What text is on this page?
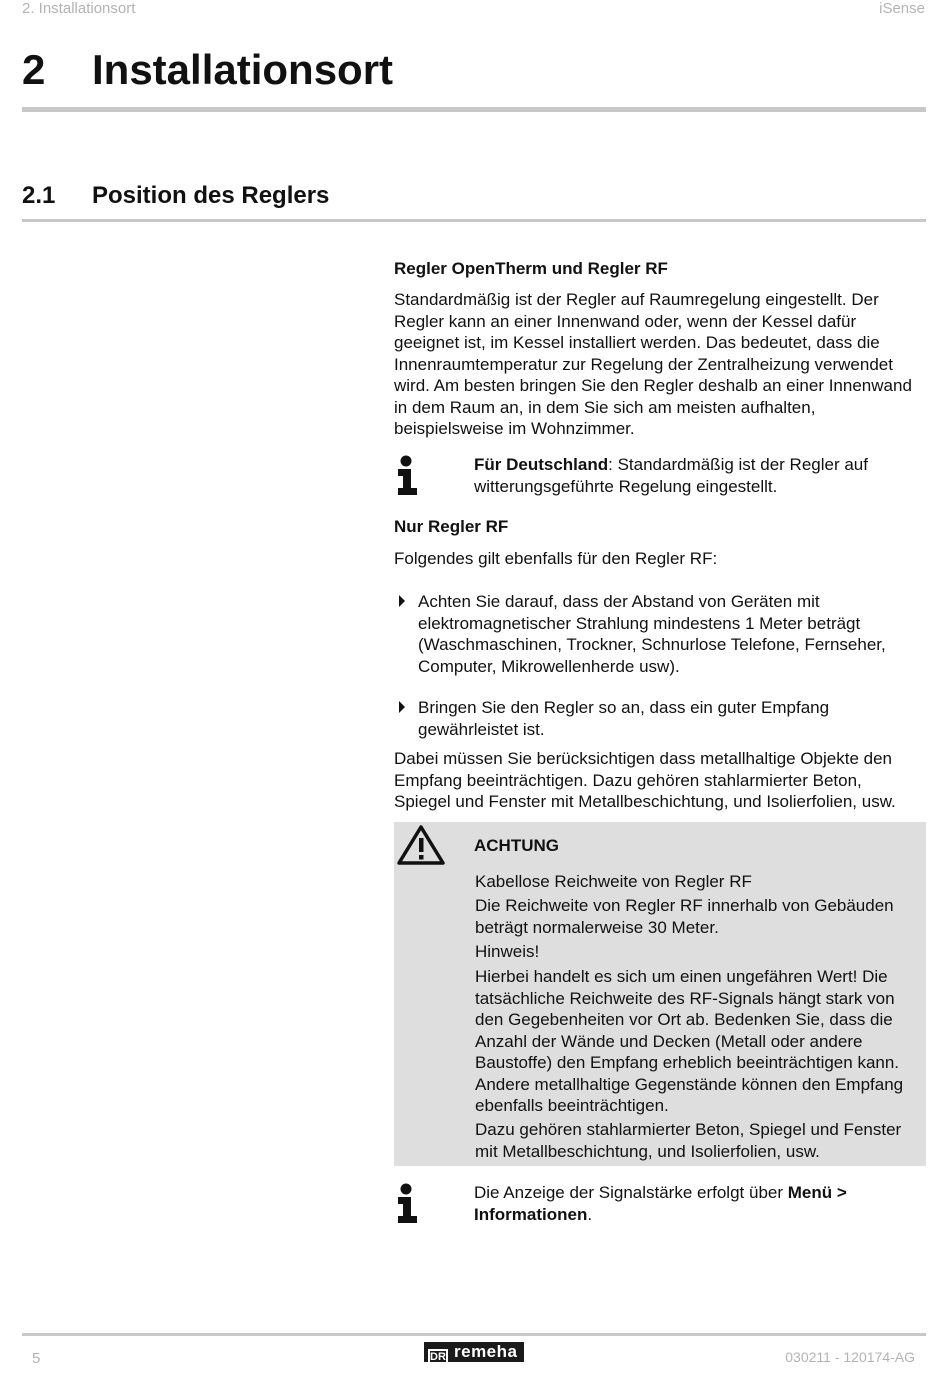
2. Installationsort	iSense
2 Installationsort
2.1 Position des Reglers
Regler OpenTherm und Regler RF
Standardmäßig ist der Regler auf Raumregelung eingestellt. Der
Regler kann an einer Innenwand oder, wenn der Kessel dafür
geeignet ist, im Kessel installiert werden. Das bedeutet, dass die
Innenraumtemperatur zur Regelung der Zentralheizung verwendet
wird. Am besten bringen Sie den Regler deshalb an einer Innenwand
in dem Raum an, in dem Sie sich am meisten aufhalten,
beispielsweise im Wohnzimmer.
Für Deutschland: Standardmäßig ist der Regler auf
witterungsgeführte Regelung eingestellt.
Nur Regler RF
Folgendes gilt ebenfalls für den Regler RF:
Achten Sie darauf, dass der Abstand von Geräten mit
elektromagnetischer Strahlung mindestens 1 Meter beträgt
(Waschmaschinen, Trockner, Schnurlose Telefone, Fernseher,
Computer, Mikrowellenherde usw).
Bringen Sie den Regler so an, dass ein guter Empfang
gewährleistet ist.
Dabei müssen Sie berücksichtigen dass metallhaltige Objekte den
Empfang beeinträchtigen. Dazu gehören stahlarmierter Beton,
Spiegel und Fenster mit Metallbeschichtung, und Isolierfolien, usw.
ACHTUNG
Kabellose Reichweite von Regler RF
Die Reichweite von Regler RF innerhalb von Gebäuden
beträgt normalerweise 30 Meter.
Hinweis!
Hierbei handelt es sich um einen ungefähren Wert! Die
tatsächliche Reichweite des RF-Signals hängt stark von
den Gegebenheiten vor Ort ab. Bedenken Sie, dass die
Anzahl der Wände und Decken (Metall oder andere
Baustoffe) den Empfang erheblich beeinträchtigen kann.
Andere metallhaltige Gegenstände können den Empfang
ebenfalls beeinträchtigen.
Dazu gehören stahlarmierter Beton, Spiegel und Fenster
mit Metallbeschichtung, und Isolierfolien, usw.
Die Anzeige der Signalstärke erfolgt über Menü >
Informationen.
5	DR remeha	030211 - 120174-AG
